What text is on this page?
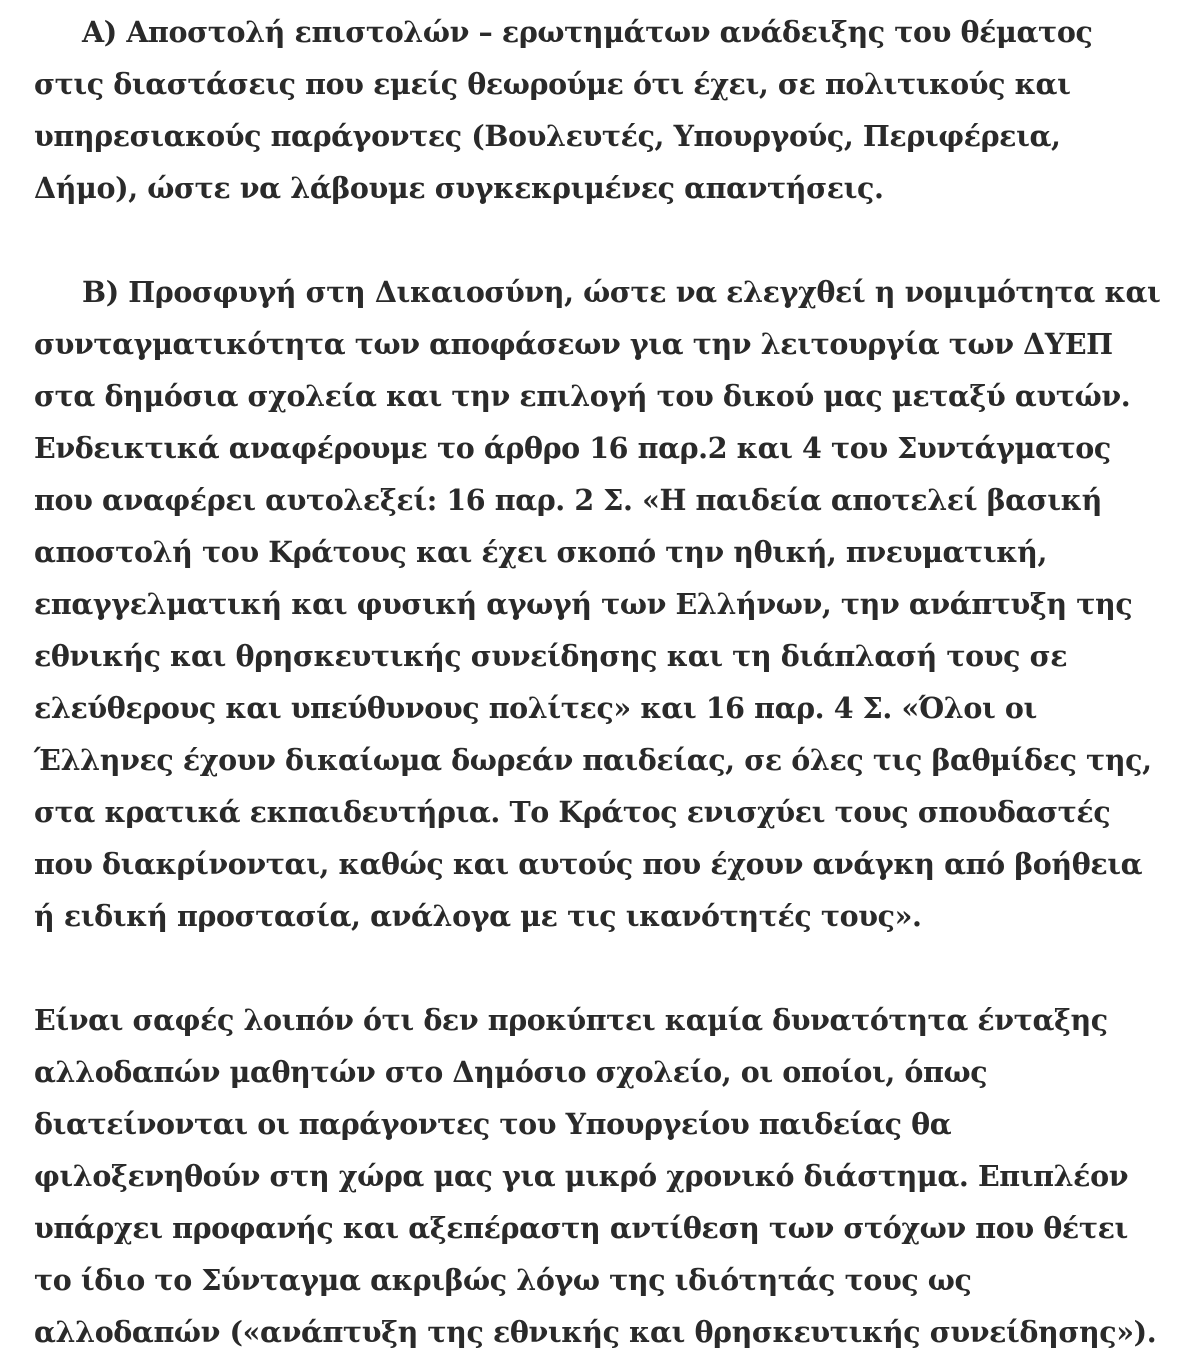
A) Αποστολή επιστολών – ερωτημάτων ανάδειξης του θέματος στις διαστάσεις που εμείς θεωρούμε ότι έχει, σε πολιτικούς και υπηρεσιακούς παράγοντες (Βουλευτές, Υπουργούς, Περιφέρεια, Δήμο), ώστε να λάβουμε συγκεκριμένες απαντήσεις.

Β) Προσφυγή στη Δικαιοσύνη, ώστε να ελεγχθεί η νομιμότητα και συνταγματικότητα των αποφάσεων για την λειτουργία των ΔΥΕΠ στα δημόσια σχολεία και την επιλογή του δικού μας μεταξύ αυτών. Ενδεικτικά αναφέρουμε το άρθρο 16 παρ.2 και 4 του Συντάγματος που αναφέρει αυτολεξεί: 16 παρ. 2 Σ. «Η παιδεία αποτελεί βασική αποστολή του Κράτους και έχει σκοπό την ηθική, πνευματική, επαγγελματική και φυσική αγωγή των Ελλήνων, την ανάπτυξη της εθνικής και θρησκευτικής συνείδησης και τη διάπλασή τους σε ελεύθερους και υπεύθυνους πολίτες» και 16 παρ. 4 Σ. «Όλοι οι Έλληνες έχουν δικαίωμα δωρεάν παιδείας, σε όλες τις βαθμίδες της, στα κρατικά εκπαιδευτήρια. Το Κράτος ενισχύει τους σπουδαστές που διακρίνονται, καθώς και αυτούς που έχουν ανάγκη από βοήθεια ή ειδική προστασία, ανάλογα με τις ικανότητές τους».

Είναι σαφές λοιπόν ότι δεν προκύπτει καμία δυνατότητα ένταξης αλλοδαπών μαθητών στο Δημόσιο σχολείο, οι οποίοι, όπως διατείνονται οι παράγοντες του Υπουργείου παιδείας θα φιλοξενηθούν στη χώρα μας για μικρό χρονικό διάστημα. Επιπλέον υπάρχει προφανής και αξεπέραστη αντίθεση των στόχων που θέτει το ίδιο το Σύνταγμα ακριβώς λόγω της ιδιότητάς τους ως αλλοδαπών («ανάπτυξη της εθνικής και θρησκευτικής συνείδησης»).
